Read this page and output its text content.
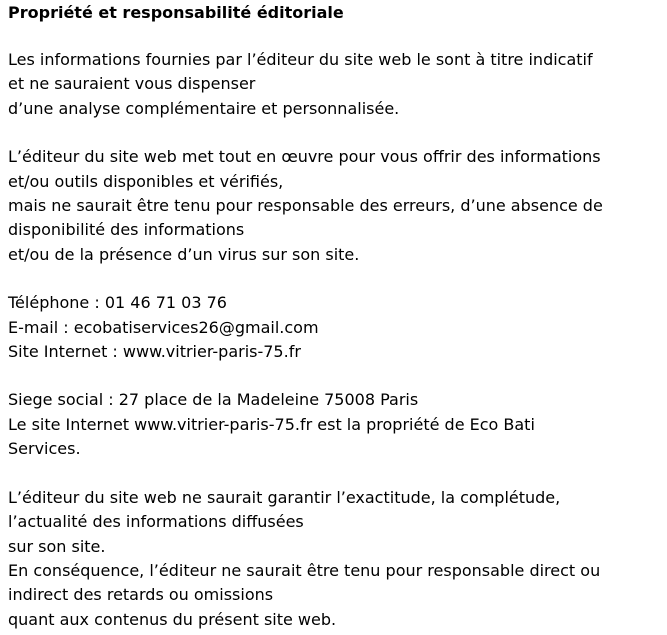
Propriété et responsabilité éditoriale
Les informations fournies par l’éditeur du site web le sont à titre indicatif
et ne sauraient vous dispenser
d’une analyse complémentaire et personnalisée.
L’éditeur du site web met tout en œuvre pour vous offrir des informations
et/ou outils disponibles et vérifiés,
mais ne saurait être tenu pour responsable des erreurs, d’une absence de
disponibilité des informations
et/ou de la présence d’un virus sur son site.
Téléphone : 01 46 71 03 76
E-mail : ecobatiservices26@gmail.com
Site Internet : www.vitrier-paris-75.fr
Siege social : 27 place de la Madeleine 75008 Paris
Le site Internet www.vitrier-paris-75.fr est la propriété de Eco Bati
Services.
L’éditeur du site web ne saurait garantir l’exactitude, la complétude,
l’actualité des informations diffusées
sur son site.
En conséquence, l’éditeur ne saurait être tenu pour responsable direct ou
indirect des retards ou omissions
quant aux contenus du présent site web.
